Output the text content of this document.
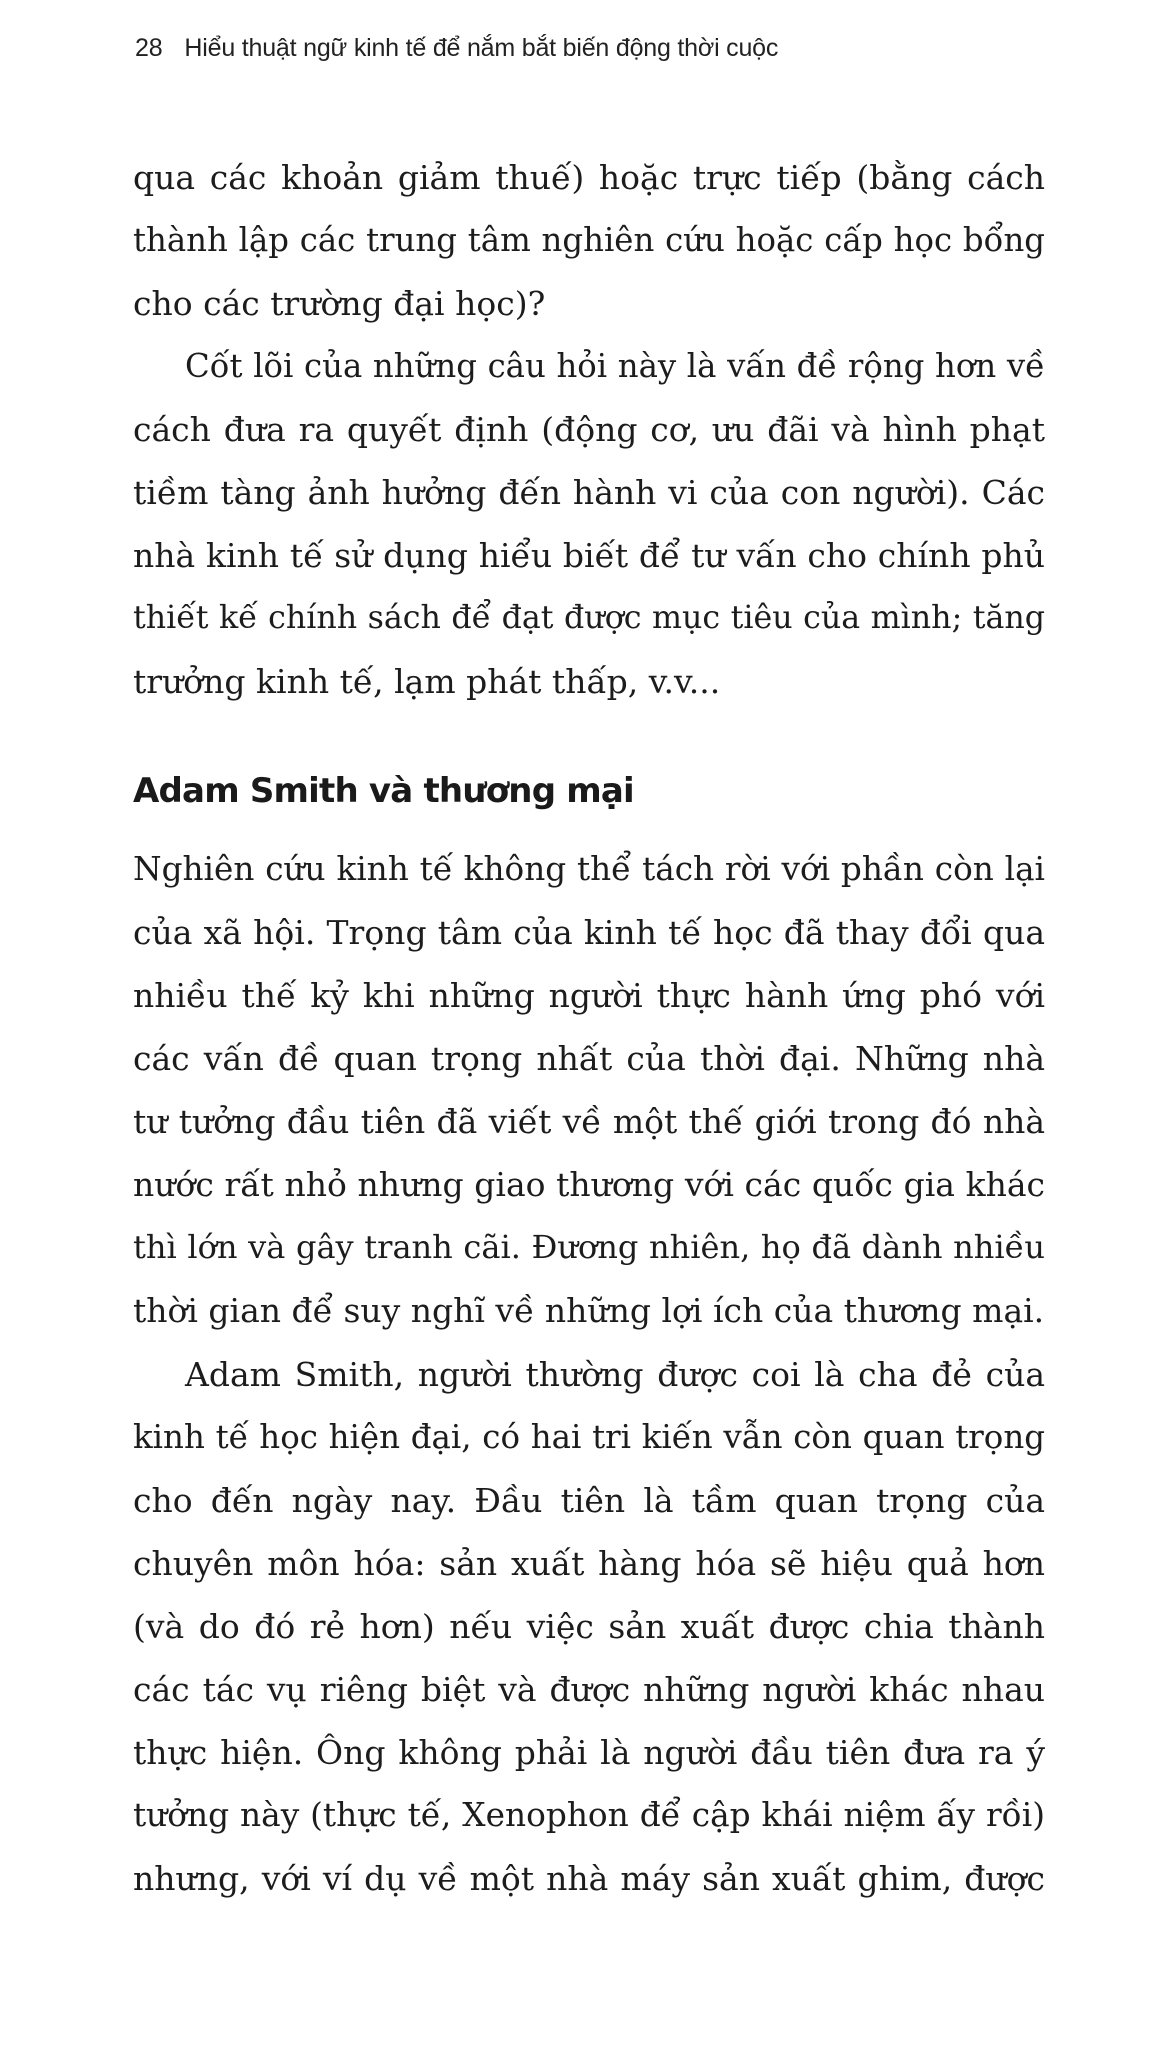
28 Hiểu thuật ngữ kinh tế để nắm bắt biến động thời cuộc

qua các khoản giảm thuế) hoặc trực tiếp (bằng cách
thành lập các trung tâm nghiên cứu hoặc cấp học bổng
cho các trường đại học)?

Cốt lõi của những câu hỏi này là vấn đề rộng hơn về
cách đưa ra quyết định (động cơ, ưu đãi và hình phạt
tiềm tàng ảnh hưởng đến hành vi của con người). Các
nhà kinh tế sử dụng hiểu biết để tư vấn cho chính phủ
thiết kế chính sách để đạt được mục tiêu của mình; tăng
trưởng kinh tế, lạm phát thấp, v.v...

Adam Smith và thương mại

Nghiên cứu kinh tế không thể tách rời với phần còn lại
của xã hội. Trọng tâm của kinh tế học đã thay đổi qua
nhiều thế kỷ khi những người thực hành ứng phó với
các vấn đề quan trọng nhất của thời đại. Những nhà
tư tưởng đầu tiên đã viết về một thế giới trong đó nhà
nước rất nhỏ nhưng giao thương với các quốc gia khác
thì lớn và gây tranh cãi. Đương nhiên, họ đã dành nhiều
thời gian để suy nghĩ về những lợi ích của thương mại.

Adam Smith, người thường được coi là cha đẻ của
kinh tế học hiện đại, có hai tri kiến vẫn còn quan trọng
cho đến ngày nay. Đầu tiên là tầm quan trọng của
chuyên môn hóa: sản xuất hàng hóa sẽ hiệu quả hơn
(và do đó rẻ hơn) nếu việc sản xuất được chia thành
các tác vụ riêng biệt và được những người khác nhau
thực hiện. Ông không phải là người đầu tiên đưa ra ý
tưởng này (thực tế, Xenophon để cập khái niệm ấy rồi)
nhưng, với ví dụ về một nhà máy sản xuất ghim, được
